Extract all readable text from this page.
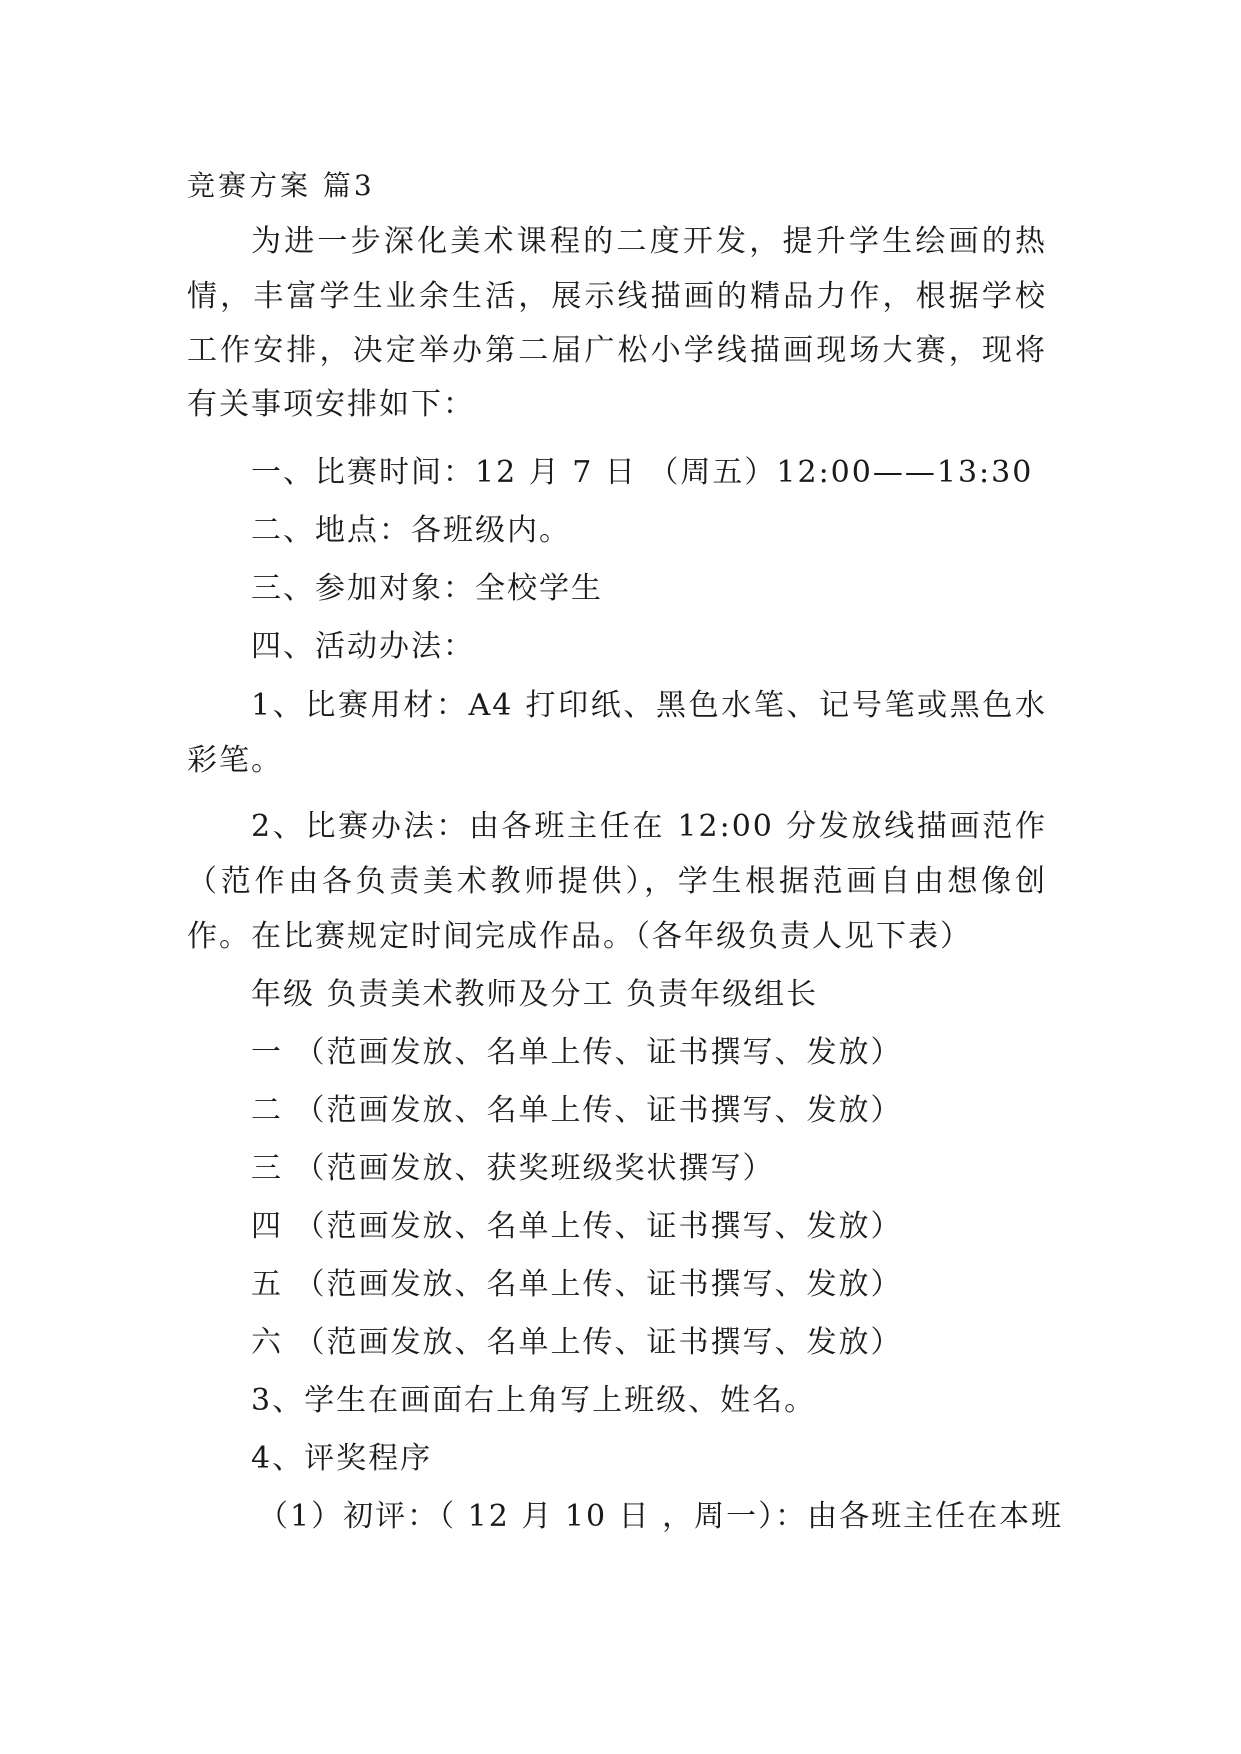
竞赛方案 篇3
为进一步深化美术课程的二度开发，提升学生绘画的热
情，丰富学生业余生活，展示线描画的精品力作，根据学校
工作安排，决定举办第二届广松小学线描画现场大赛，现将
有关事项安排如下：
一、比赛时间：12 月 7 日 （周五）12:00——13:30
二、地点：各班级内。
三、参加对象：全校学生
四、活动办法：
1、比赛用材：A4 打印纸、黑色水笔、记号笔或黑色水
彩笔。
2、比赛办法：由各班主任在 12:00 分发放线描画范作
（范作由各负责美术教师提供），学生根据范画自由想像创
作。在比赛规定时间完成作品。（各年级负责人见下表）
年级 负责美术教师及分工 负责年级组长
一 （范画发放、名单上传、证书撰写、发放）
二 （范画发放、名单上传、证书撰写、发放）
三 （范画发放、获奖班级奖状撰写）
四 （范画发放、名单上传、证书撰写、发放）
五 （范画发放、名单上传、证书撰写、发放）
六 （范画发放、名单上传、证书撰写、发放）
3、学生在画面右上角写上班级、姓名。
4、评奖程序
（1）初评：（ 12 月 10 日 ，周一）：由各班主任在本班
